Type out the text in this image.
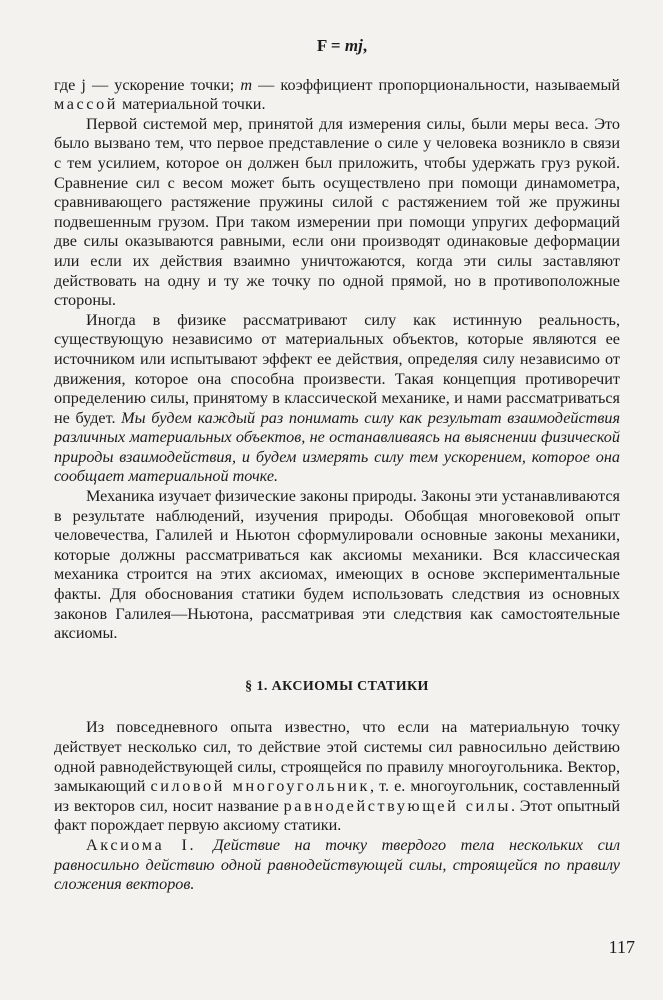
F = mj,

где j — ускорение точки; m — коэффициент пропорциональности, называемый массой материальной точки.

Первой системой мер, принятой для измерения силы, были меры веса. Это было вызвано тем, что первое представление о силе у человека возникло в связи с тем усилием, которое он должен был приложить, чтобы удержать груз рукой. Сравнение сил с весом может быть осуществлено при помощи динамометра, сравнивающего растяжение пружины силой с растяжением той же пружины подвешенным грузом. При таком измерении при помощи упругих деформаций две силы оказываются равными, если они производят одинаковые деформации или если их действия взаимно уничтожаются, когда эти силы заставляют действовать на одну и ту же точку по одной прямой, но в противоположные стороны.

Иногда в физике рассматривают силу как истинную реальность, существующую независимо от материальных объектов, которые являются ее источником или испытывают эффект ее действия, определяя силу независимо от движения, которое она способна произвести. Такая концепция противоречит определению силы, принятому в классической механике, и нами рассматриваться не будет. Мы будем каждый раз понимать силу как результат взаимодействия различных материальных объектов, не останавливаясь на выяснении физической природы взаимодействия, и будем измерять силу тем ускорением, которое она сообщает материальной точке.

Механика изучает физические законы природы. Законы эти устанавливаются в результате наблюдений, изучения природы. Обобщая многовековой опыт человечества, Галилей и Ньютон сформулировали основные законы механики, которые должны рассматриваться как аксиомы механики. Вся классическая механика строится на этих аксиомах, имеющих в основе экспериментальные факты. Для обоснования статики будем использовать следствия из основных законов Галилея—Ньютона, рассматривая эти следствия как самостоятельные аксиомы.

§ 1. АКСИОМЫ СТАТИКИ

Из повседневного опыта известно, что если на материальную точку действует несколько сил, то действие этой системы сил равносильно действию одной равнодействующей силы, строящейся по правилу многоугольника. Вектор, замыкающий силовой многоугольник, т. е. многоугольник, составленный из векторов сил, носит название равнодействующей силы. Этот опытный факт порождает первую аксиому статики.

Аксиома I. Действие на точку твердого тела нескольких сил равносильно действию одной равнодействующей силы, строящейся по правилу сложения векторов.

117
